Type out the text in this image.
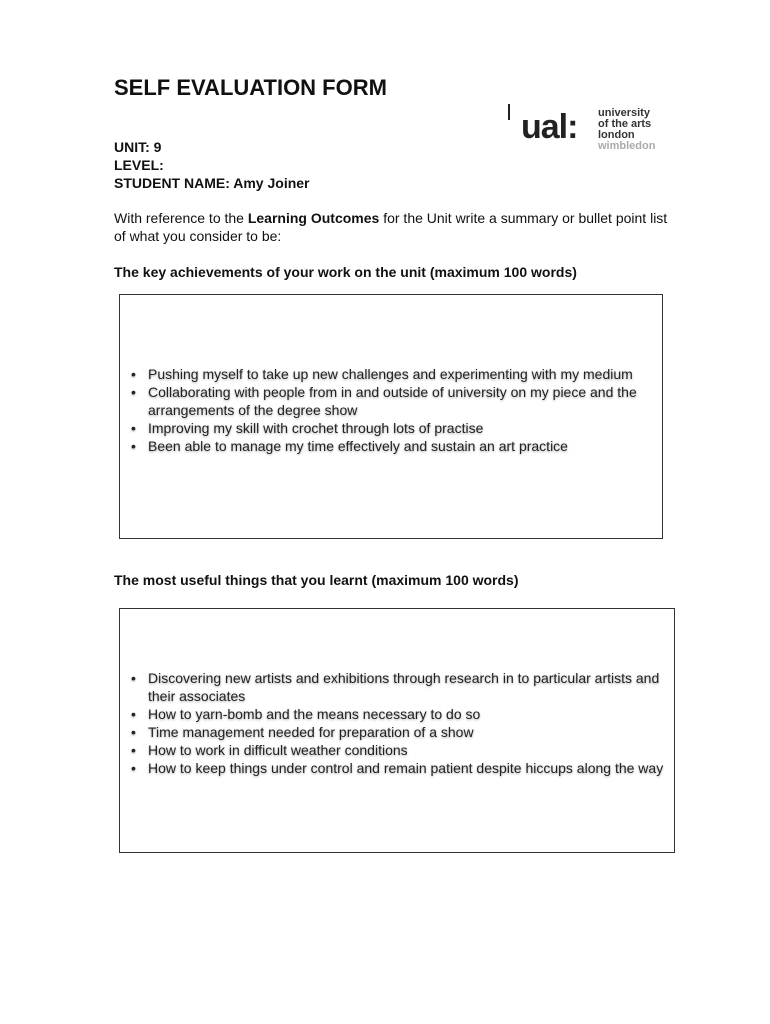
SELF EVALUATION FORM
ual: university
of the arts
london
wimbledon
UNIT: 9
LEVEL:
STUDENT NAME: Amy Joiner
With reference to the Learning Outcomes for the Unit write a summary or bullet point list of what you consider to be:
The key achievements of your work on the unit (maximum 100 words)
• Pushing myself to take up new challenges and experimenting with my medium
• Collaborating with people from in and outside of university on my piece and the arrangements of the degree show
• Improving my skill with crochet through lots of practise
• Been able to manage my time effectively and sustain an art practice
The most useful things that you learnt (maximum 100 words)
• Discovering new artists and exhibitions through research in to particular artists and their associates
• How to yarn-bomb and the means necessary to do so
• Time management needed for preparation of a show
• How to work in difficult weather conditions
• How to keep things under control and remain patient despite hiccups along the way
